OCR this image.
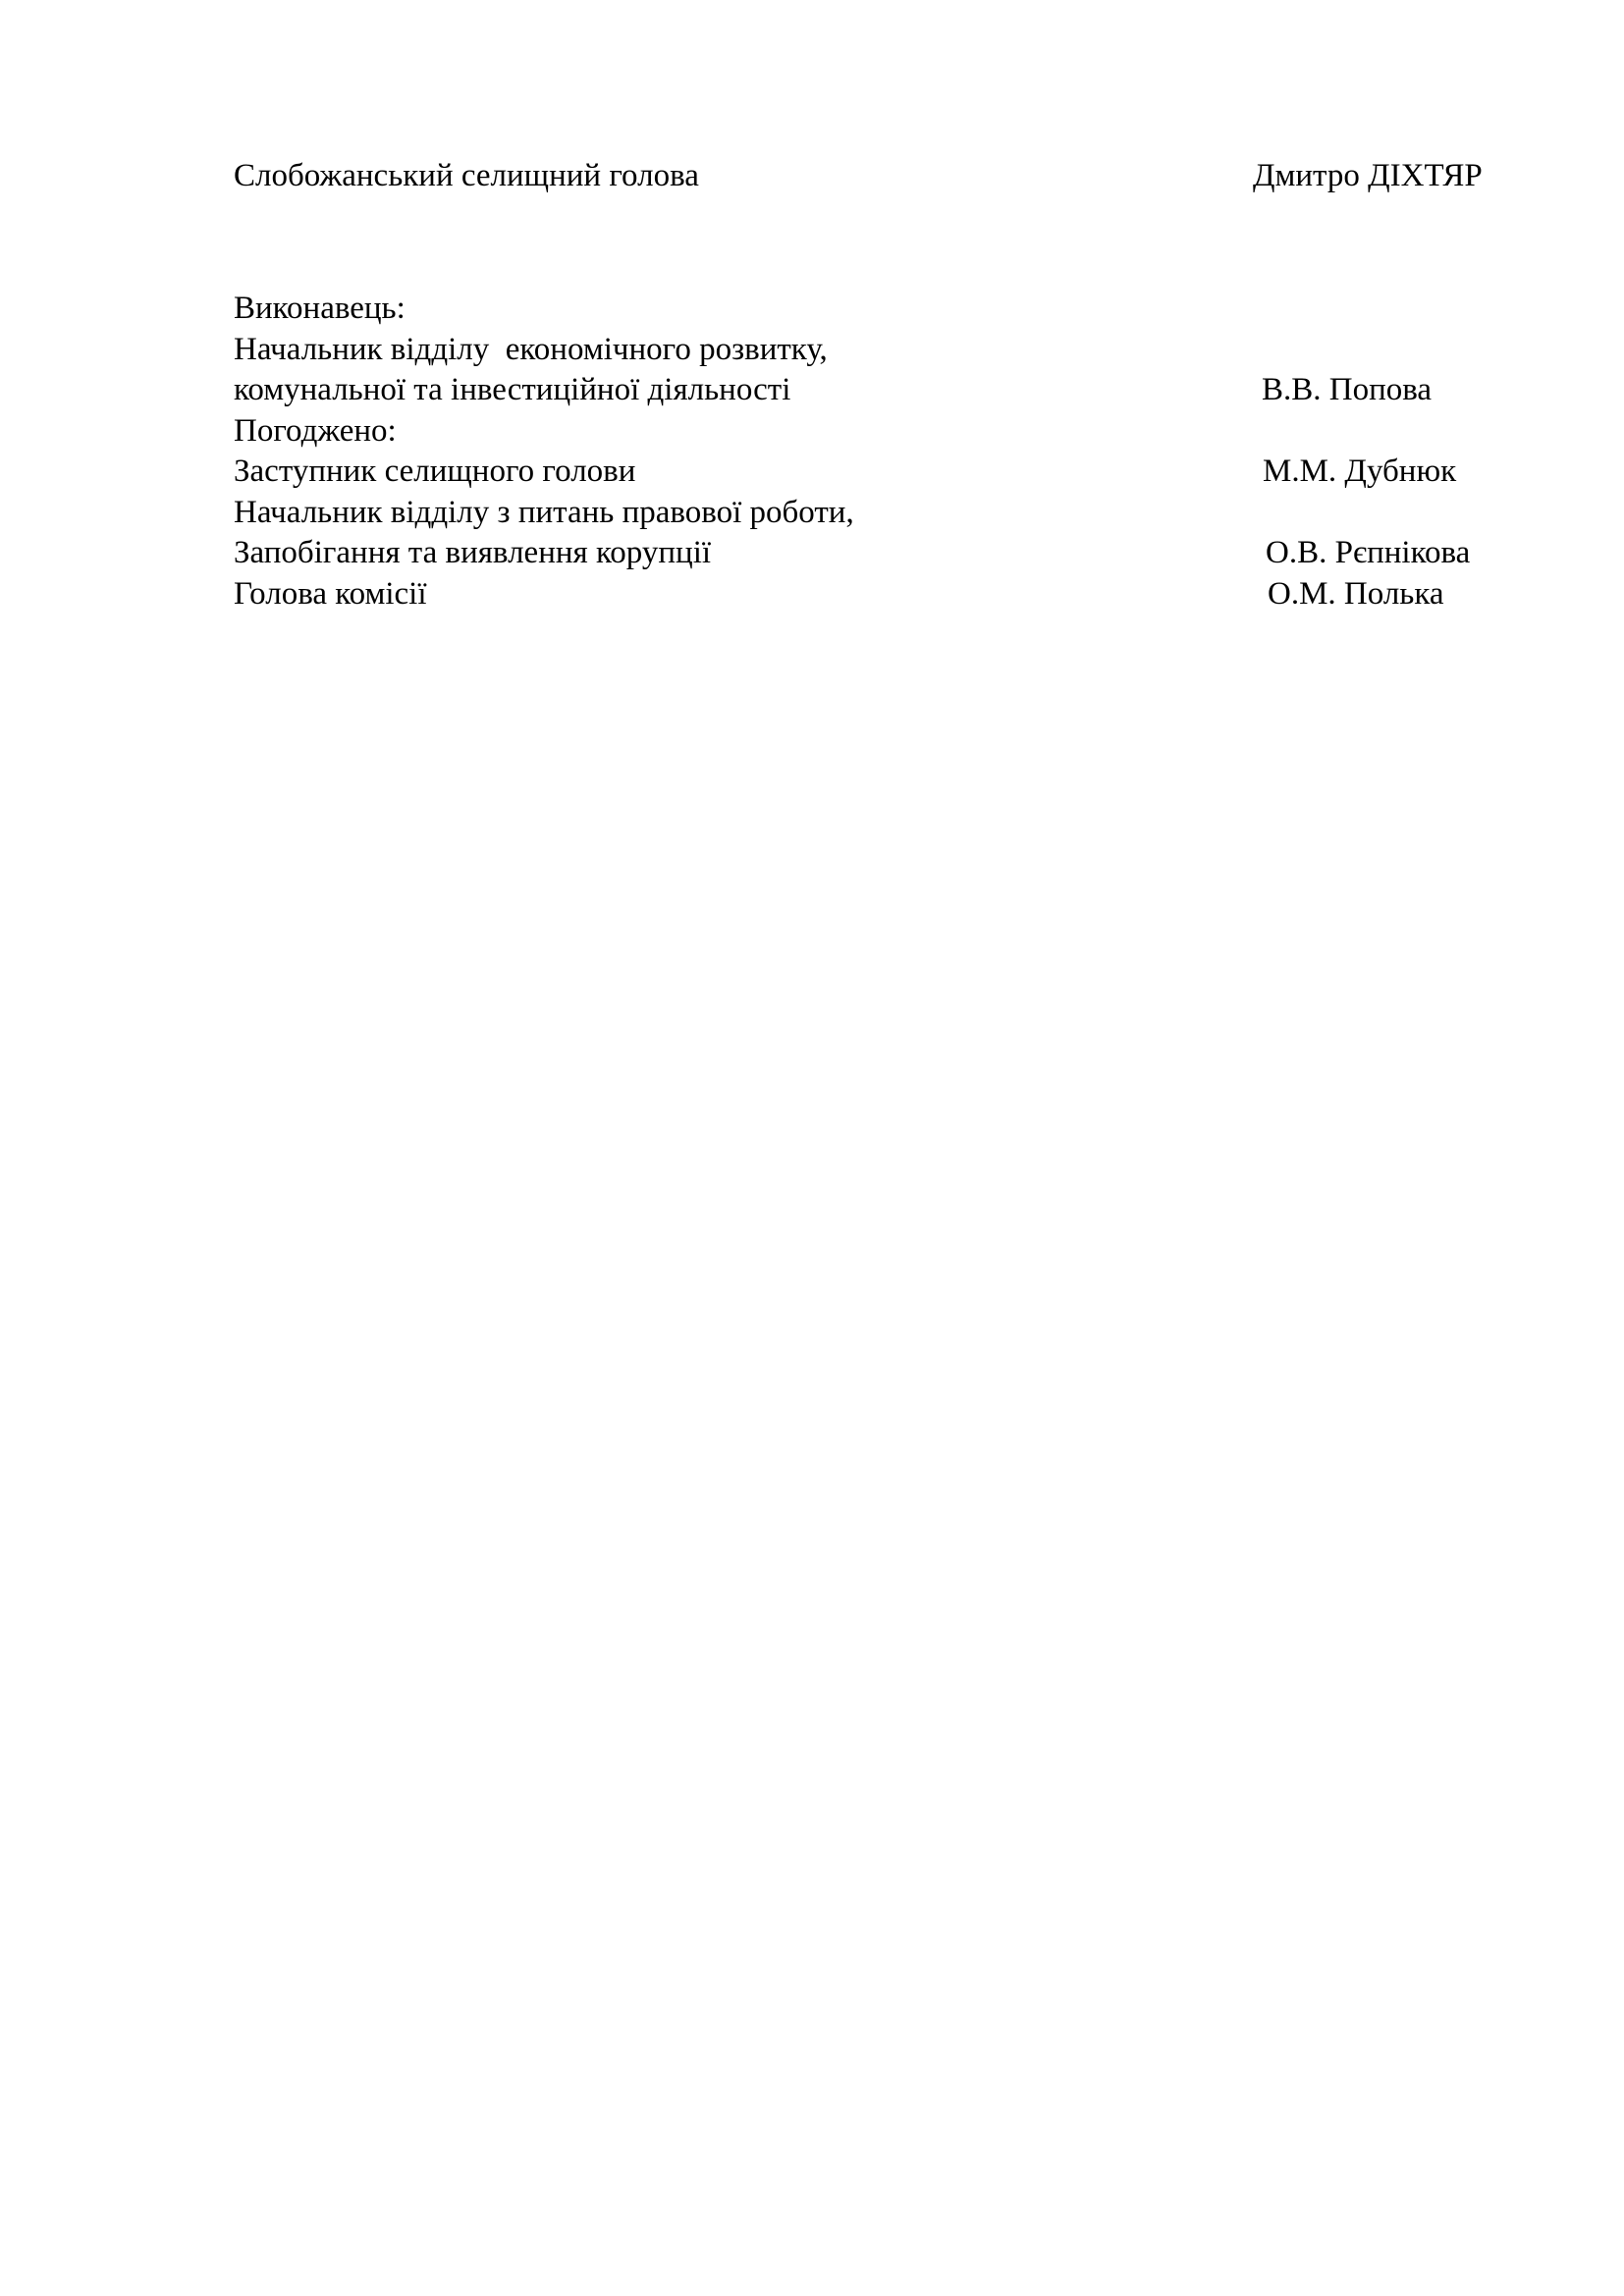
Слобожанський селищний голова	Дмитро ДІХТЯР
Виконавець:
Начальник відділу  економічного розвитку,
комунальної та інвестиційної діяльності	В.В. Попова
Погоджено:
Заступник селищного голови	М.М. Дубнюк
Начальник відділу з питань правової роботи,
Запобігання та виявлення корупції	О.В. Рєпнікова
Голова комісії	О.М. Полька
